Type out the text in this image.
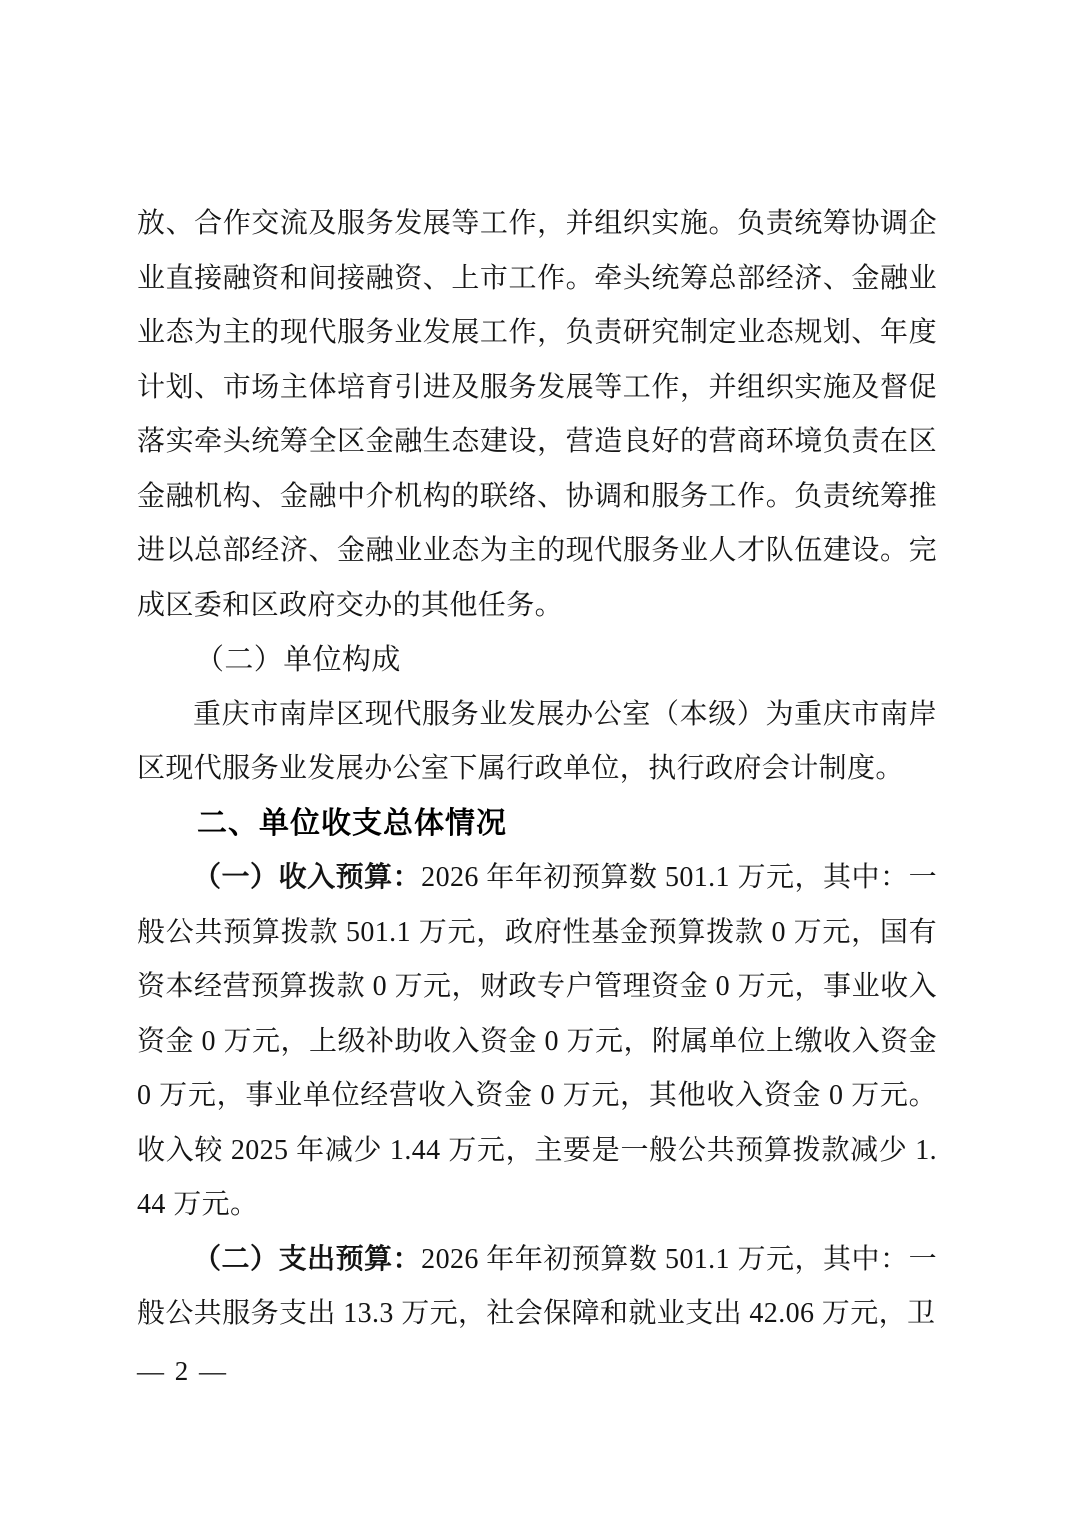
放、合作交流及服务发展等工作，并组织实施。负责统筹协调企业直接融资和间接融资、上市工作。牵头统筹总部经济、金融业业态为主的现代服务业发展工作，负责研究制定业态规划、年度计划、市场主体培育引进及服务发展等工作，并组织实施及督促落实牵头统筹全区金融生态建设，营造良好的营商环境负责在区金融机构、金融中介机构的联络、协调和服务工作。负责统筹推进以总部经济、金融业业态为主的现代服务业人才队伍建设。完成区委和区政府交办的其他任务。

（二）单位构成

重庆市南岸区现代服务业发展办公室（本级）为重庆市南岸区现代服务业发展办公室下属行政单位，执行政府会计制度。

二、单位收支总体情况

（一）收入预算：2026 年年初预算数 501.1 万元，其中：一般公共预算拨款 501.1 万元，政府性基金预算拨款 0 万元，国有资本经营预算拨款 0 万元，财政专户管理资金 0 万元，事业收入资金 0 万元，上级补助收入资金 0 万元，附属单位上缴收入资金 0 万元，事业单位经营收入资金 0 万元，其他收入资金 0 万元。收入较 2025 年减少 1.44 万元，主要是一般公共预算拨款减少 1.44 万元。

（二）支出预算：2026 年年初预算数 501.1 万元，其中：一般公共服务支出 13.3 万元，社会保障和就业支出 42.06 万元，卫

— 2 —
